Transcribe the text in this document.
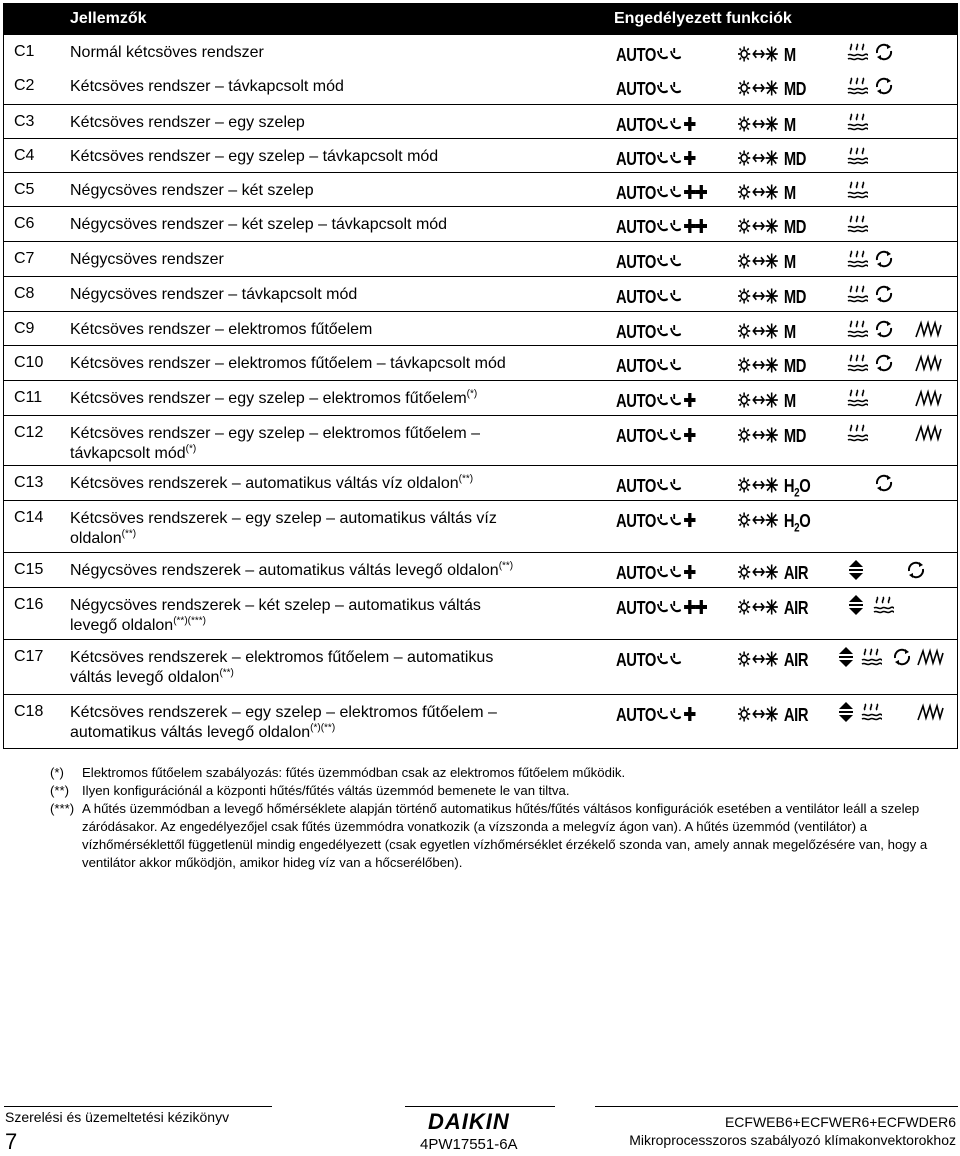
Jellemzők	Engedélyezett funkciók
C1 Normál kétcsöves rendszer	AUTO	M
C2 Kétcsöves rendszer – távkapcsolt mód	AUTO	MD
C3 Kétcsöves rendszer – egy szelep	AUTO	M
C4 Kétcsöves rendszer – egy szelep – távkapcsolt mód	AUTO	MD
C5 Négycsöves rendszer – két szelep	AUTO	M
C6 Négycsöves rendszer – két szelep – távkapcsolt mód	AUTO	MD
C7 Négycsöves rendszer	AUTO	M
C8 Négycsöves rendszer – távkapcsolt mód	AUTO	MD
C9 Kétcsöves rendszer – elektromos fűtőelem	AUTO	M
C10 Kétcsöves rendszer – elektromos fűtőelem – távkapcsolt mód	AUTO	MD
C11 Kétcsöves rendszer – egy szelep – elektromos fűtőelem(*)	AUTO	M
C12 Kétcsöves rendszer – egy szelep – elektromos fűtőelem –
távkapcsolt mód(*)
AUTO	MD
C13 Kétcsöves rendszerek – automatikus váltás víz oldalon(**)	AUTO	$H_2O$
C14 Kétcsöves rendszerek – egy szelep – automatikus váltás víz
oldalon(**)
AUTO	$H_2O$
C15 Négycsöves rendszerek – automatikus váltás levegő oldalon(**)	AUTO	AIR
C16 Négycsöves rendszerek – két szelep – automatikus váltás
levegő oldalon(**)(***)
AUTO	AIR
C17 Kétcsöves rendszerek – elektromos fűtőelem – automatikus
váltás levegő oldalon(**)
AUTO	AIR
C18 Kétcsöves rendszerek – egy szelep – elektromos fűtőelem –
automatikus váltás levegő oldalon(*)(**)
AUTO	AIR
(*) Elektromos fűtőelem szabályozás: fűtés üzemmódban csak az elektromos fűtőelem működik.
(**) Ilyen konfigurációnál a központi hűtés/fűtés váltás üzemmód bemenete le van tiltva.
(***) A hűtés üzemmódban a levegő hőmérséklete alapján történő automatikus hűtés/fűtés váltásos konfigurációk esetében a ventilátor leáll a szelep záródásakor. Az engedélyezőjel csak fűtés üzemmódra vonatkozik (a vízszonda a melegvíz ágon van). A hűtés üzemmód (ventilátor) a vízhőmérséklettől függetlenül mindig engedélyezett (csak egyetlen vízhőmérséklet érzékelő szonda van, amely annak megelőzésére van, hogy a ventilátor akkor működjön, amikor hideg víz van a hőcserélőben).
Szerelési és üzemeltetési kézikönyv
7
DAIKIN
4PW17551-6A
ECFWEB6+ECFWER6+ECFWDER6
Mikroprocesszoros szabályozó klímakonvektorokhoz
